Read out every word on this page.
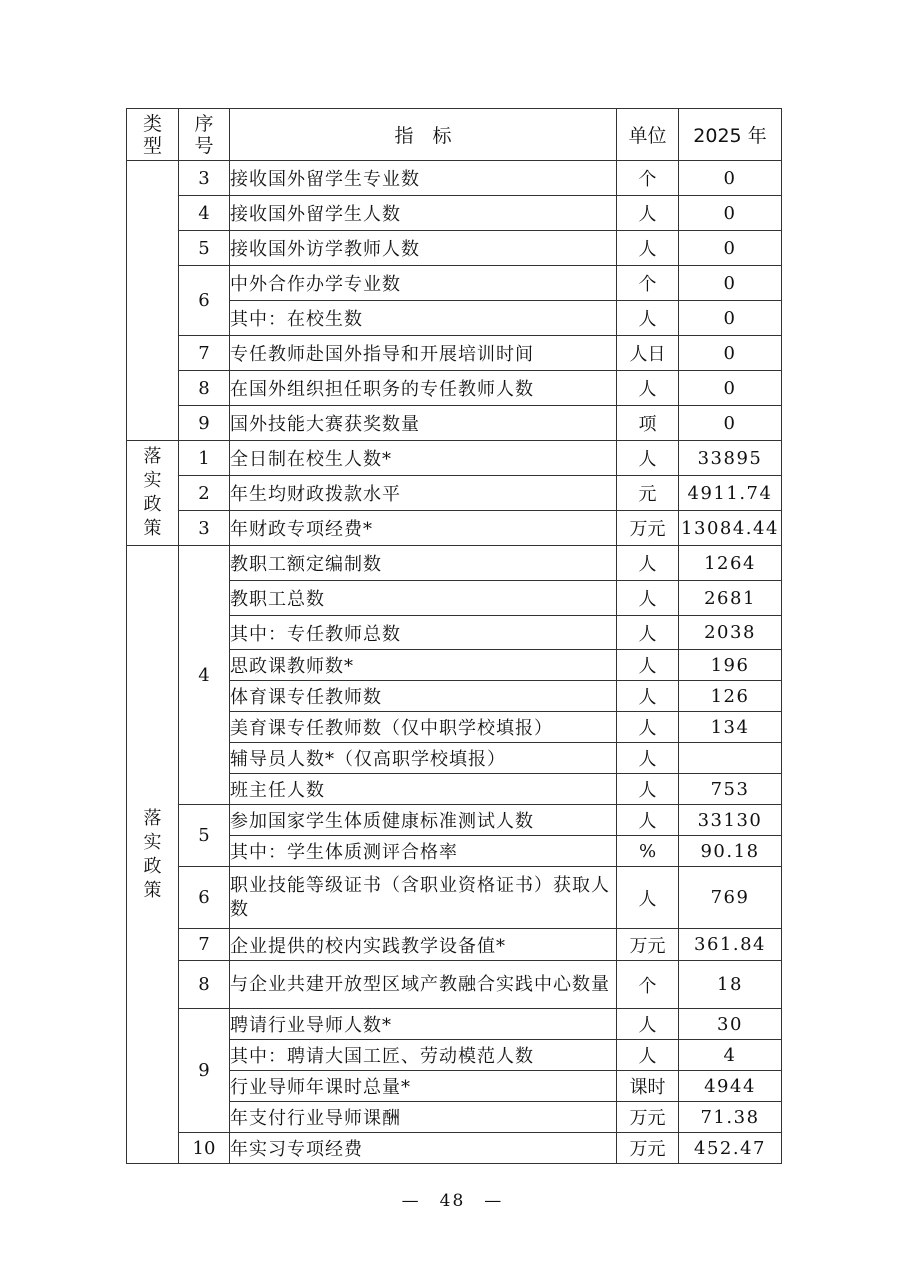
类型	序号	指　标	单位	2025 年
	3	接收国外留学生专业数	个	0
	4	接收国外留学生人数	人	0
	5	接收国外访学教师人数	人	0
	6	中外合作办学专业数	个	0
		其中：在校生数	人	0
	7	专任教师赴国外指导和开展培训时间	人日	0
	8	在国外组织担任职务的专任教师人数	人	0
	9	国外技能大赛获奖数量	项	0

落
实
政
策	1	全日制在校生人数*	人	33895
	2	年生均财政拨款水平	元	4911.74
	3	年财政专项经费*	万元	13084.44

落
实
政
策	4	教职工额定编制数	人	1264
		教职工总数	人	2681
		其中：专任教师总数	人	2038
		思政课教师数*	人	196
		体育课专任教师数	人	126
		美育课专任教师数（仅中职学校填报）	人	134
		辅导员人数*（仅高职学校填报）	人	
		班主任人数	人	753
	5	参加国家学生体质健康标准测试人数	人	33130
		其中：学生体质测评合格率	%	90.18
	6	职业技能等级证书（含职业资格证书）获取人数	人	769
	7	企业提供的校内实践教学设备值*	万元	361.84
	8	与企业共建开放型区域产教融合实践中心数量	个	18
	9	聘请行业导师人数*	人	30
		其中：聘请大国工匠、劳动模范人数	人	4
		行业导师年课时总量*	课时	4944
		年支付行业导师课酬	万元	71.38
	10	年实习专项经费	万元	452.47
—　48　—
